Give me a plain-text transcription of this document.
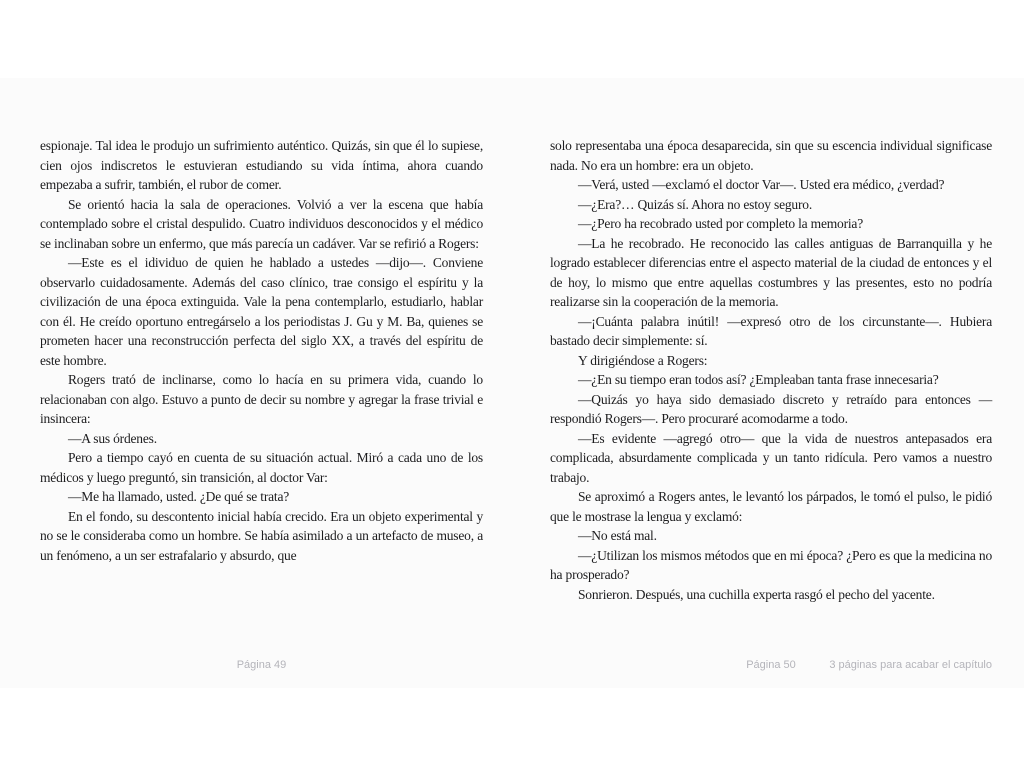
espionaje. Tal idea le produjo un sufrimiento auténtico. Quizás, sin que él lo supiese, cien ojos indiscretos le estuvieran estudiando su vida íntima, ahora cuando empezaba a sufrir, también, el rubor de comer.

Se orientó hacia la sala de operaciones. Volvió a ver la escena que había contemplado sobre el cristal despulido. Cuatro individuos desconocidos y el médico se inclinaban sobre un enfermo, que más parecía un cadáver. Var se refirió a Rogers:

—Este es el idividuo de quien he hablado a ustedes —dijo—. Conviene observarlo cuidadosamente. Además del caso clínico, trae consigo el espíritu y la civilización de una época extinguida. Vale la pena contemplarlo, estudiarlo, hablar con él. He creído oportuno entregárselo a los periodistas J. Gu y M. Ba, quienes se prometen hacer una reconstrucción perfecta del siglo XX, a través del espíritu de este hombre.

Rogers trató de inclinarse, como lo hacía en su primera vida, cuando lo relacionaban con algo. Estuvo a punto de decir su nombre y agregar la frase trivial e insincera:

—A sus órdenes.

Pero a tiempo cayó en cuenta de su situación actual. Miró a cada uno de los médicos y luego preguntó, sin transición, al doctor Var:

—Me ha llamado, usted. ¿De qué se trata?

En el fondo, su descontento inicial había crecido. Era un objeto experimental y no se le consideraba como un hombre. Se había asimilado a un artefacto de museo, a un fenómeno, a un ser estrafalario y absurdo, que

solo representaba una época desaparecida, sin que su escencia individual significase nada. No era un hombre: era un objeto.

—Verá, usted —exclamó el doctor Var—. Usted era médico, ¿verdad?

—¿Era?… Quizás sí. Ahora no estoy seguro.

—¿Pero ha recobrado usted por completo la memoria?

—La he recobrado. He reconocido las calles antiguas de Barranquilla y he logrado establecer diferencias entre el aspecto material de la ciudad de entonces y el de hoy, lo mismo que entre aquellas costumbres y las presentes, esto no podría realizarse sin la cooperación de la memoria.

—¡Cuánta palabra inútil! —expresó otro de los circunstante—. Hubiera bastado decir simplemente: sí.

Y dirigiéndose a Rogers:

—¿En su tiempo eran todos así? ¿Empleaban tanta frase innecesaria?

—Quizás yo haya sido demasiado discreto y retraído para entonces —respondió Rogers—. Pero procuraré acomodarme a todo.

—Es evidente —agregó otro— que la vida de nuestros antepasados era complicada, absurdamente complicada y un tanto ridícula. Pero vamos a nuestro trabajo.

Se aproximó a Rogers antes, le levantó los párpados, le tomó el pulso, le pidió que le mostrase la lengua y exclamó:

—No está mal.

—¿Utilizan los mismos métodos que en mi época? ¿Pero es que la medicina no ha prosperado?

Sonrieron. Después, una cuchilla experta rasgó el pecho del yacente.

Página 49	Página 50	3 páginas para acabar el capítulo
